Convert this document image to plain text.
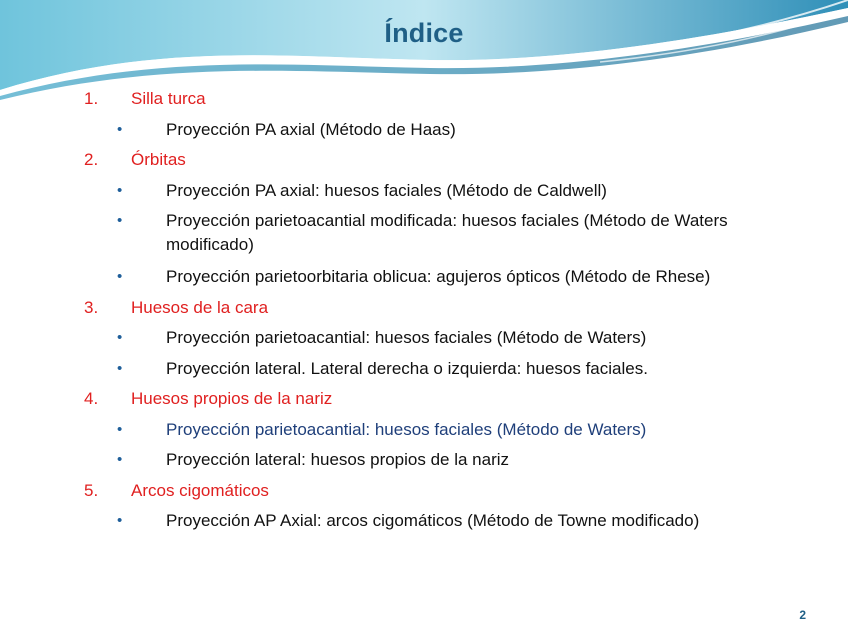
Índice
1. Silla turca
•	Proyección PA axial (Método de Haas)
2. Órbitas
•	Proyección PA axial: huesos faciales (Método de Caldwell)
•	Proyección parietoacantial modificada: huesos faciales (Método de Waters modificado)
•	Proyección parietoorbitaria oblicua: agujeros ópticos (Método de Rhese)
3. Huesos de la cara
•	Proyección parietoacantial: huesos faciales (Método de Waters)
•	Proyección lateral. Lateral derecha o izquierda: huesos faciales.
4. Huesos propios de la nariz
•	Proyección parietoacantial: huesos faciales (Método de Waters)
•	Proyección lateral: huesos propios de la nariz
5. Arcos cigomáticos
•	Proyección AP Axial: arcos cigomáticos (Método de Towne modificado)
2
